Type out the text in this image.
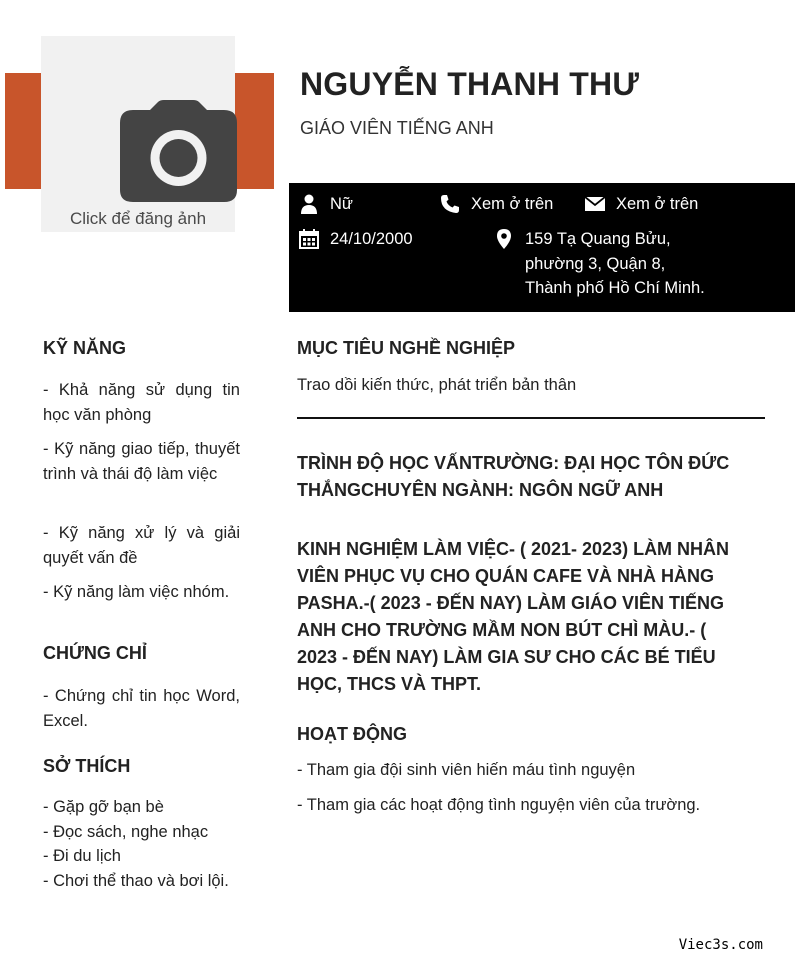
Click để đăng ảnh
NGUYỄN THANH THƯ
GIÁO VIÊN TIẾNG ANH
Nữ	Xem ở trên	Xem ở trên
24/10/2000	159 Tạ Quang Bửu, phường 3, Quận 8, Thành phố Hồ Chí Minh.
KỸ NĂNG
- Khả năng sử dụng tin học văn phòng
- Kỹ năng giao tiếp, thuyết trình và thái độ làm việc
- Kỹ năng xử lý và giải quyết vấn đề
- Kỹ năng làm việc nhóm.
CHỨNG CHỈ
- Chứng chỉ tin học Word, Excel.
SỞ THÍCH
- Gặp gỡ bạn bè
- Đọc sách, nghe nhạc
- Đi du lịch
- Chơi thể thao và bơi lội.
MỤC TIÊU NGHỀ NGHIỆP
Trao dồi kiến thức, phát triển bản thân
TRÌNH ĐỘ HỌC VẤNTRƯỜNG: ĐẠI HỌC TÔN ĐỨC THẮNGCHUYÊN NGÀNH: NGÔN NGỮ ANH
KINH NGHIỆM LÀM VIỆC- ( 2021- 2023) LÀM NHÂN VIÊN PHỤC VỤ CHO QUÁN CAFE VÀ NHÀ HÀNG PASHA.-( 2023 - ĐẾN NAY) LÀM GIÁO VIÊN TIẾNG ANH CHO TRƯỜNG MẦM NON BÚT CHÌ MÀU.- ( 2023 - ĐẾN NAY) LÀM GIA SƯ CHO CÁC BÉ TIỂU HỌC, THCS VÀ THPT.
HOẠT ĐỘNG
- Tham gia đội sinh viên hiến máu tình nguyện
- Tham gia các hoạt động tình nguyện viên của trường.
Viec3s.com
